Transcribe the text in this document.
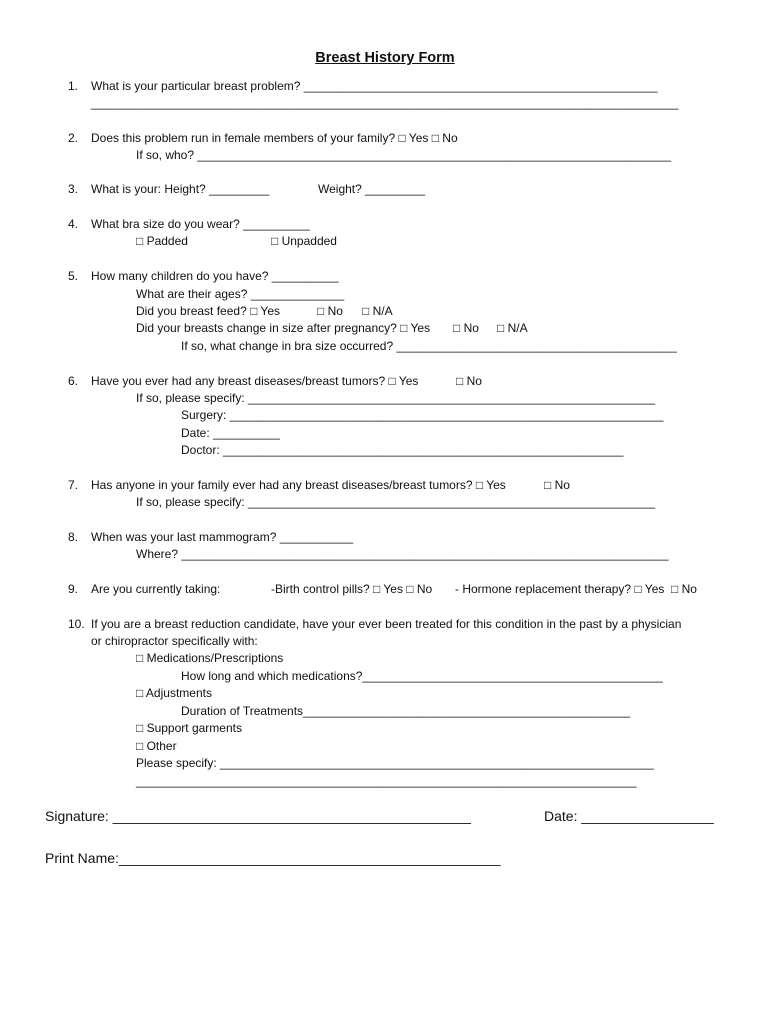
Breast History Form
1. What is your particular breast problem? _____________________________________________________
________________________________________________________________________________________
2. Does this problem run in female members of your family? □ Yes □ No
If so, who? _______________________________________________________________________
3. What is your: Height? _________	Weight? _________
4. What bra size do you wear? __________
□ Padded	□ Unpadded
5. How many children do you have? __________
What are their ages? ______________
Did you breast feed? □ Yes	□ No □ N/A
Did your breasts change in size after pregnancy? □ Yes □ No □ N/A
If so, what change in bra size occurred? __________________________________________
6. Have you ever had any breast diseases/breast tumors? □ Yes	□ No
If so, please specify: _____________________________________________________________
Surgery: _________________________________________________________________
Date: __________
Doctor: ____________________________________________________________
7. Has anyone in your family ever had any breast diseases/breast tumors? □ Yes	□ No
If so, please specify: _____________________________________________________________
8. When was your last mammogram? ___________
Where? _________________________________________________________________________
9. Are you currently taking:	-Birth control pills? □ Yes □ No - Hormone replacement therapy? □ Yes  □ No
10. If you are a breast reduction candidate, have your ever been treated for this condition in the past by a physician
or chiropractor specifically with:
□ Medications/Prescriptions
How long and which medications?_____________________________________________
□ Adjustments
Duration of Treatments_________________________________________________
□ Support garments
□ Other
Please specify: _________________________________________________________________
___________________________________________________________________________
Signature: ______________________________________________	Date: _________________
Print Name:_________________________________________________
